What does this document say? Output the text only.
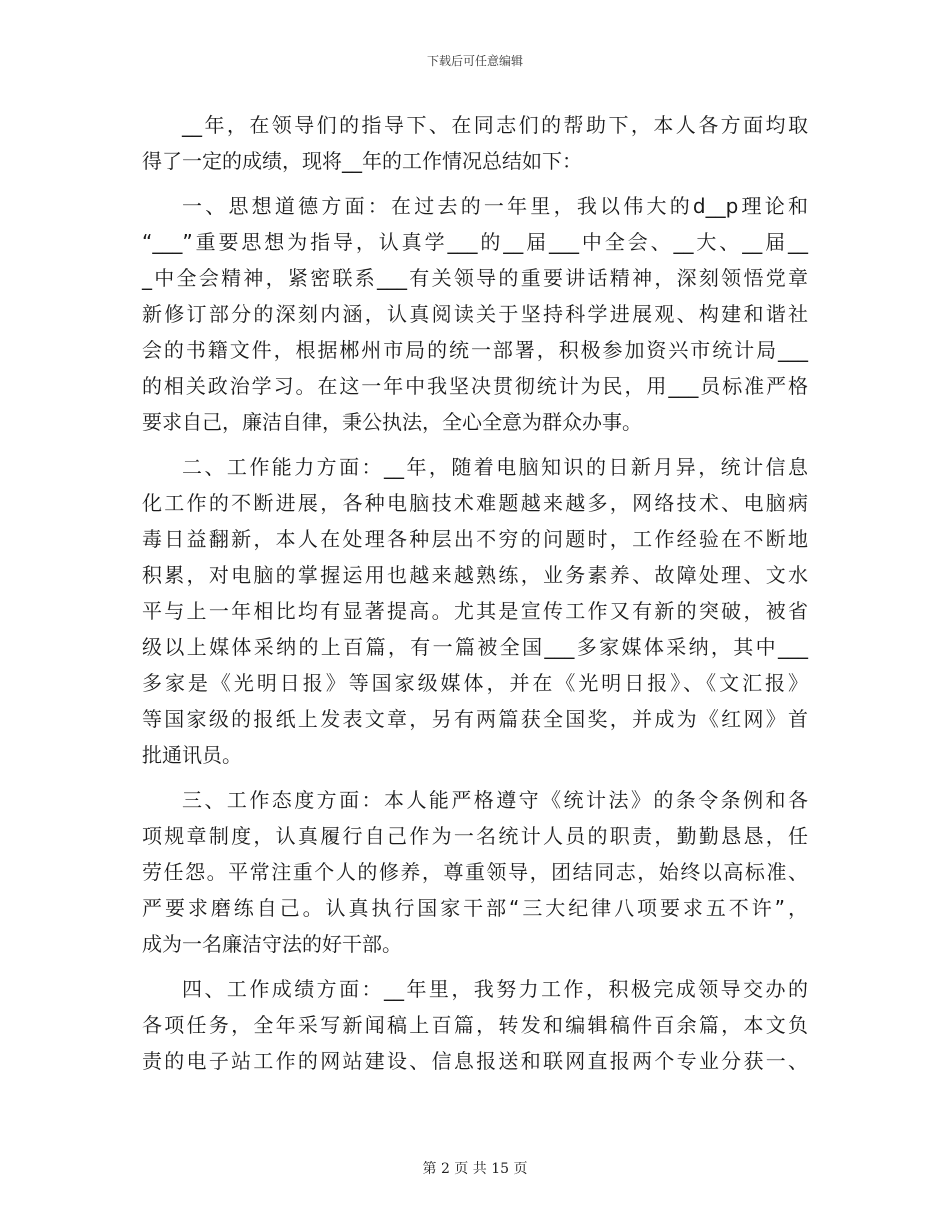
下载后可任意编辑

__年，在领导们的指导下、在同志们的帮助下，本人各方面均取
得了一定的成绩，现将__年的工作情况总结如下：

一、思想道德方面：在过去的一年里，我以伟大的d__p理论和
“___”重要思想为指导，认真学___的__届___中全会、__大、__届__
_中全会精神，紧密联系___有关领导的重要讲话精神，深刻领悟党章
新修订部分的深刻内涵，认真阅读关于坚持科学进展观、构建和谐社
会的书籍文件，根据郴州市局的统一部署，积极参加资兴市统计局___
的相关政治学习。在这一年中我坚决贯彻统计为民，用___员标准严格
要求自己，廉洁自律，秉公执法，全心全意为群众办事。

二、工作能力方面：__年，随着电脑知识的日新月异，统计信息
化工作的不断进展，各种电脑技术难题越来越多，网络技术、电脑病
毒日益翻新，本人在处理各种层出不穷的问题时，工作经验在不断地
积累，对电脑的掌握运用也越来越熟练，业务素养、故障处理、文水
平与上一年相比均有显著提高。尤其是宣传工作又有新的突破，被省
级以上媒体采纳的上百篇，有一篇被全国___多家媒体采纳，其中___
多家是《光明日报》等国家级媒体，并在《光明日报》、《文汇报》
等国家级的报纸上发表文章，另有两篇获全国奖，并成为《红网》首
批通讯员。

三、工作态度方面：本人能严格遵守《统计法》的条令条例和各
项规章制度，认真履行自己作为一名统计人员的职责，勤勤恳恳，任
劳任怨。平常注重个人的修养，尊重领导，团结同志，始终以高标准、
严要求磨练自己。认真执行国家干部“三大纪律八项要求五不许”，
成为一名廉洁守法的好干部。

四、工作成绩方面：__年里，我努力工作，积极完成领导交办的
各项任务，全年采写新闻稿上百篇，转发和编辑稿件百余篇，本文负
责的电子站工作的网站建设、信息报送和联网直报两个专业分获一、

第 2 页 共 15 页
